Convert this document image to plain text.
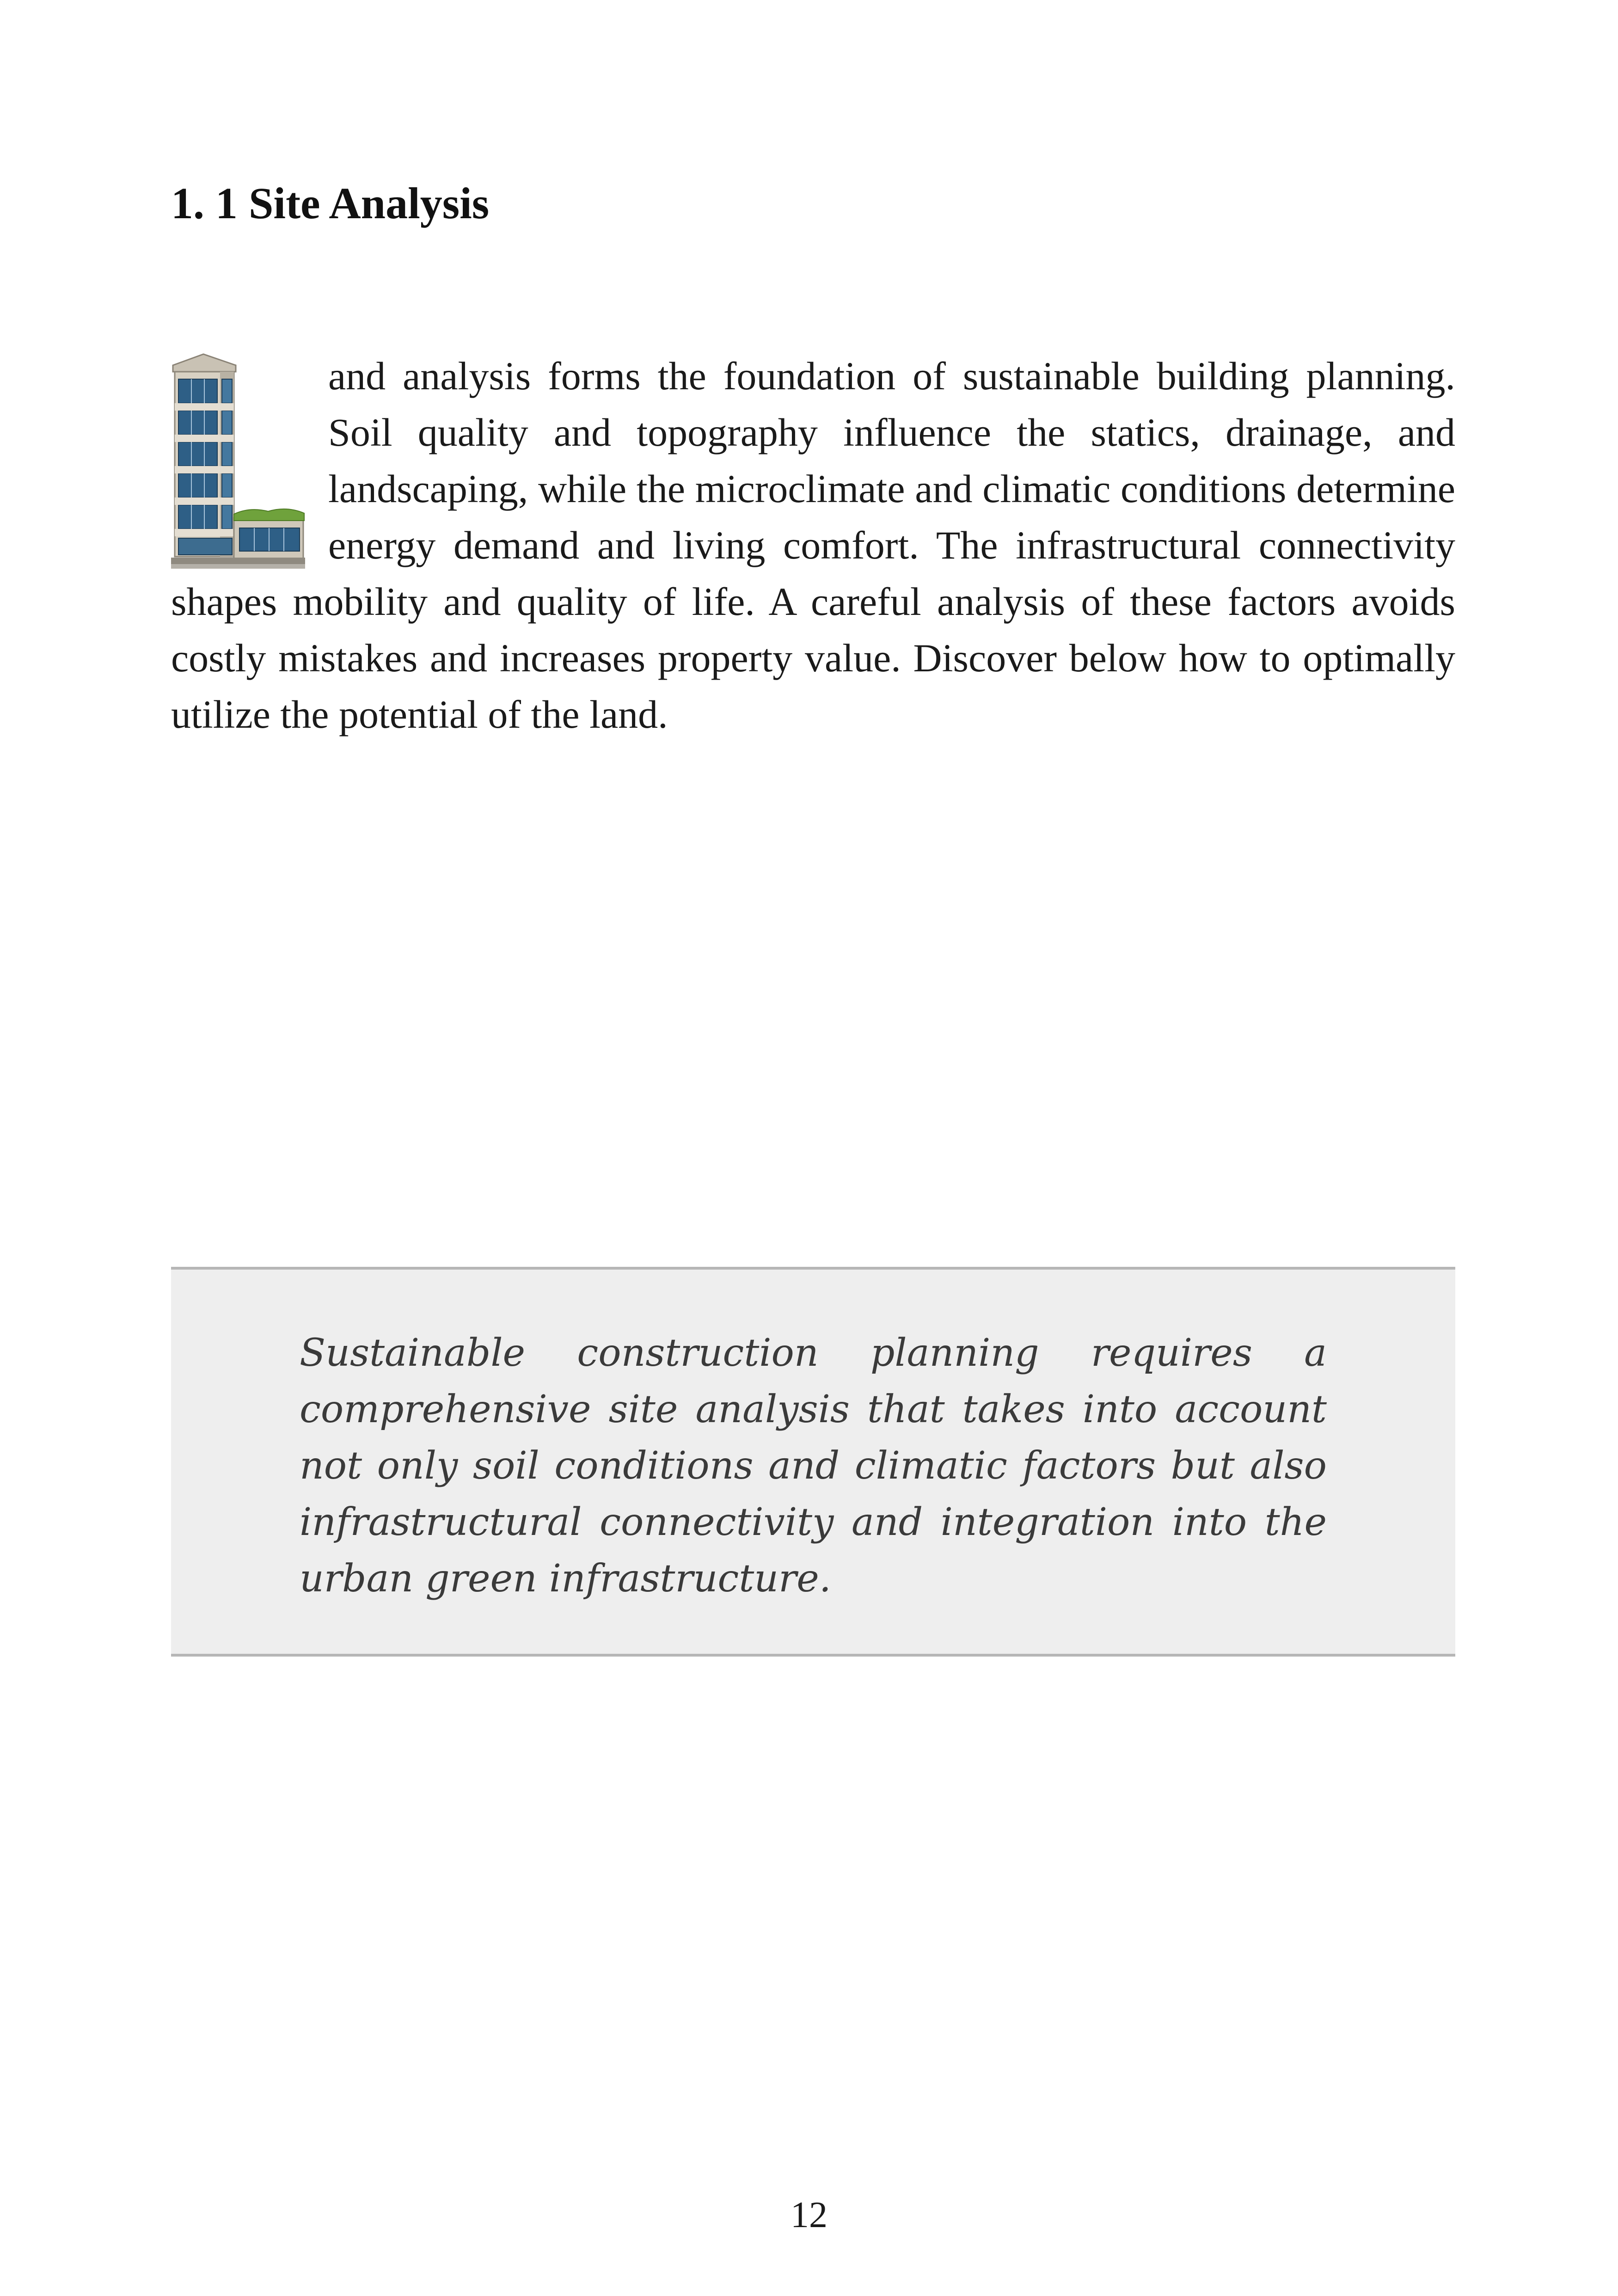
1. 1 Site Analysis

and analysis forms the foundation of sustainable building planning. Soil quality and topography influence the statics, drainage, and landscaping, while the microclimate and climatic conditions determine energy demand and living comfort. The infrastructural connectivity shapes mobility and quality of life. A careful analysis of these factors avoids costly mistakes and increases property value. Discover below how to optimally utilize the potential of the land.

Sustainable construction planning requires a comprehensive site analysis that takes into account not only soil conditions and climatic factors but also infrastructural connectivity and integration into the urban green infrastructure.

12
